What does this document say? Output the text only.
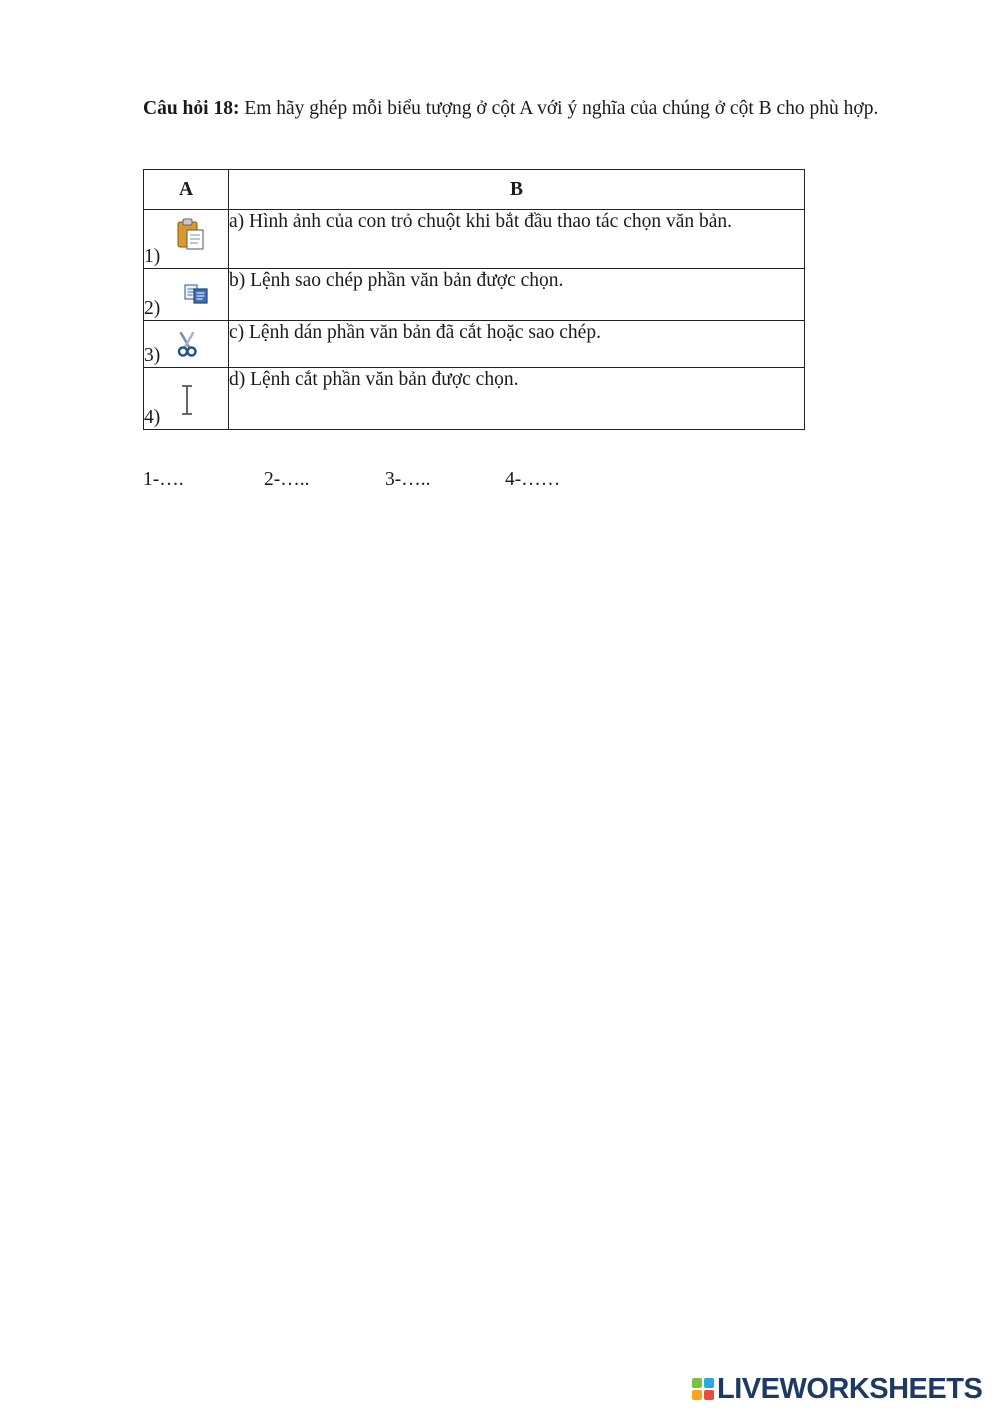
Câu hỏi 18: Em hãy ghép mỗi biểu tượng ở cột A với ý nghĩa của chúng ở cột B cho phù hợp.
A	B
1)	a) Hình ảnh của con trỏ chuột khi bắt đầu thao tác chọn văn bản.
2)	b) Lệnh sao chép phần văn bản được chọn.
3)	c) Lệnh dán phần văn bản đã cắt hoặc sao chép.
4)	d) Lệnh cắt phần văn bản được chọn.
1-….	2-…..	3-…..	4-……
LIVEWORKSHEETS
